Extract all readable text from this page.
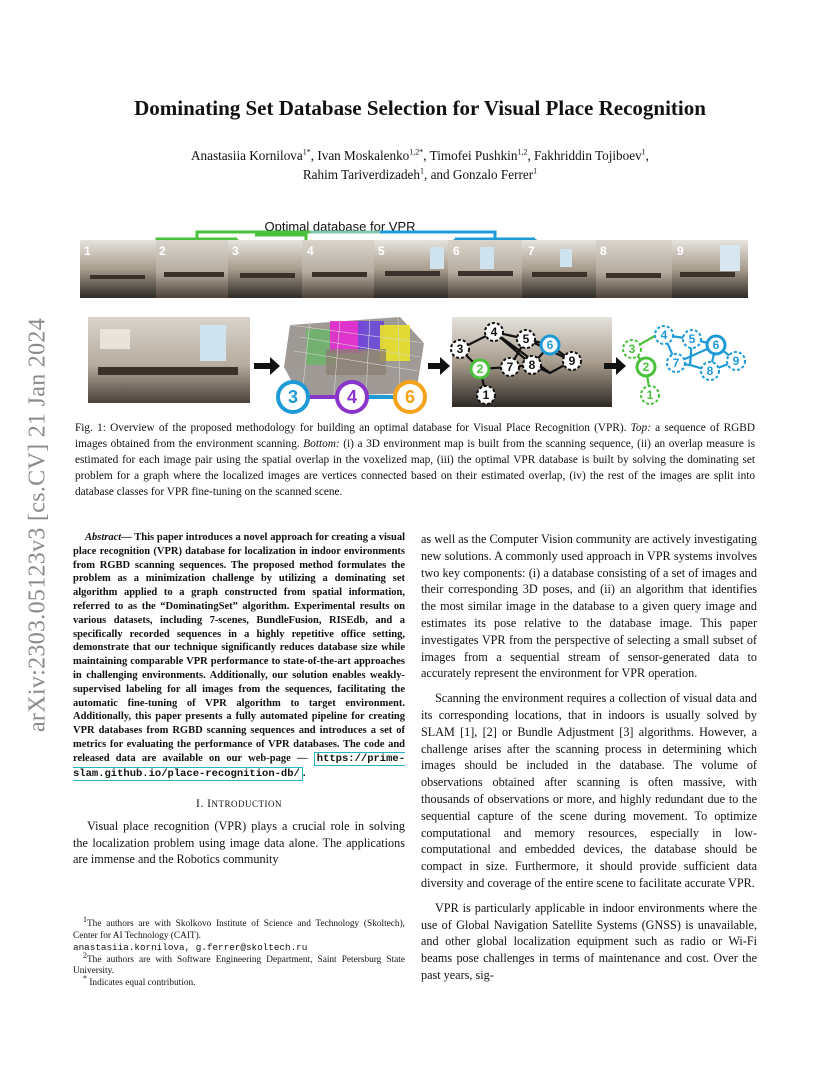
arXiv:2303.05123v3 [cs.CV] 21 Jan 2024
Dominating Set Database Selection for Visual Place Recognition
Anastasiia Kornilova$^{1*}$, Ivan Moskalenko$^{1,2*}$, Timofei Pushkin$^{1,2}$, Fakhriddin Tojiboev$^1$,
Rahim Tariverdizadeh$^1$, and Gonzalo Ferrer$^1$
Optimal database for VPR
1	2	3	4	5	6	7	8	9
3	4	6	1
2
3
4 5 6
7 8	9
1
2
3
4 5 6
7
8
9
Fig. 1: Overview of the proposed methodology for building an optimal database for Visual Place Recognition (VPR). Top: a sequence of RGBD images obtained from the environment scanning. Bottom: (i) a 3D environment map is built from the scanning sequence, (ii) an overlap measure is estimated for each image pair using the spatial overlap in the voxelized map, (iii) the optimal VPR database is built by solving the dominating set problem for a graph where the localized images are vertices connected based on their estimated overlap, (iv) the rest of the images are split into database classes for VPR fine-tuning on the scanned scene.

Abstract— This paper introduces a novel approach for creating a visual place recognition (VPR) database for localization in indoor environments from RGBD scanning sequences. The proposed method formulates the problem as a minimization challenge by utilizing a dominating set algorithm applied to a graph constructed from spatial information, referred to as the “DominatingSet” algorithm. Experimental results on various datasets, including 7-scenes, BundleFusion, RISEdb, and a specifically recorded sequences in a highly repetitive office setting, demonstrate that our technique significantly reduces database size while maintaining comparable VPR performance to state-of-the-art approaches in challenging environments. Additionally, our solution enables weakly-supervised labeling for all images from the sequences, facilitating the automatic fine-tuning of VPR algorithm to target environment. Additionally, this paper presents a fully automated pipeline for creating VPR databases from RGBD scanning sequences and introduces a set of metrics for evaluating the performance of VPR databases. The code and released data are available on our web-page — https://prime-slam.github.io/place-recognition-db/ .

I. INTRODUCTION

Visual place recognition (VPR) plays a crucial role in solving the localization problem using image data alone. The applications are immense and the Robotics community

$^1$The authors are with Skolkovo Institute of Science and Technology (Skoltech), Center for AI Technology (CAIT).
anastasiia.kornilova, g.ferrer@skoltech.ru

$^2$The authors are with Software Engineering Department, Saint Petersburg State University.

* Indicates equal contribution.

as well as the Computer Vision community are actively investigating new solutions. A commonly used approach in VPR systems involves two key components: (i) a database consisting of a set of images and their corresponding 3D poses, and (ii) an algorithm that identifies the most similar image in the database to a given query image and estimates its pose relative to the database image. This paper investigates VPR from the perspective of selecting a small subset of images from a sequential stream of sensor-generated data to accurately represent the environment for VPR operation.

Scanning the environment requires a collection of visual data and its corresponding locations, that in indoors is usually solved by SLAM [1], [2] or Bundle Adjustment [3] algorithms. However, a challenge arises after the scanning process in determining which images should be included in the database. The volume of observations obtained after scanning is often massive, with thousands of observations or more, and highly redundant due to the sequential capture of the scene during movement. To optimize computational and memory resources, especially in low-computational and embedded devices, the database should be compact in size. Furthermore, it should provide sufficient data diversity and coverage of the entire scene to facilitate accurate VPR.

VPR is particularly applicable in indoor environments where the use of Global Navigation Satellite Systems (GNSS) is unavailable, and other global localization equipment such as radio or Wi-Fi beams pose challenges in terms of maintenance and cost. Over the past years, sig-
